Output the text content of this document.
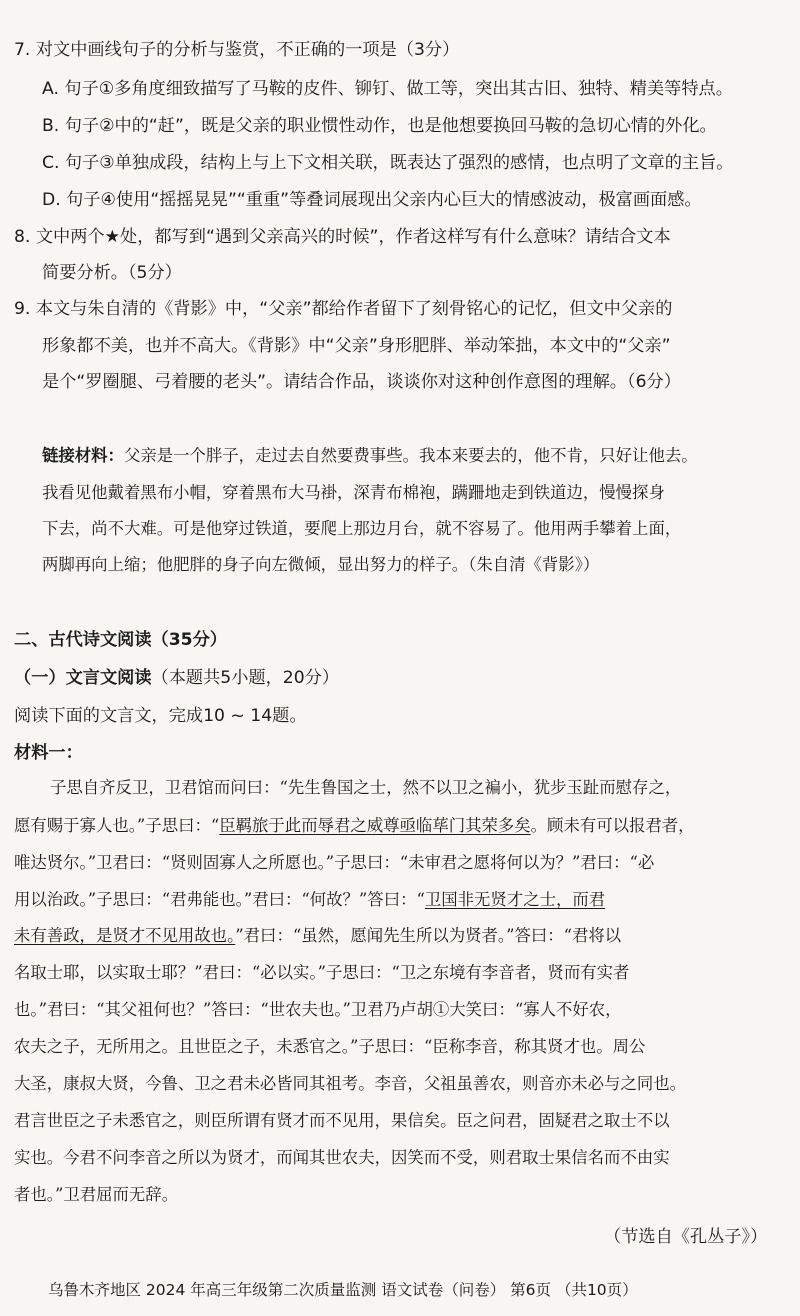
7. 对文中画线句子的分析与鉴赏，不正确的一项是（3分）
A. 句子①多角度细致描写了马鞍的皮件、铆钉、做工等，突出其古旧、独特、精美等特点。
B. 句子②中的“赶”，既是父亲的职业惯性动作，也是他想要换回马鞍的急切心情的外化。
C. 句子③单独成段，结构上与上下文相关联，既表达了强烈的感情，也点明了文章的主旨。
D. 句子④使用“摇摇晃晃”“重重”等叠词展现出父亲内心巨大的情感波动，极富画面感。
8. 文中两个★处，都写到“遇到父亲高兴的时候”，作者这样写有什么意味？请结合文本
简要分析。（5分）
9. 本文与朱自清的《背影》中，“父亲”都给作者留下了刻骨铭心的记忆，但文中父亲的
形象都不美，也并不高大。《背影》中“父亲”身形肥胖、举动笨拙，本文中的“父亲”
是个“罗圈腿、弓着腰的老头”。请结合作品，谈谈你对这种创作意图的理解。（6分）
链接材料：父亲是一个胖子，走过去自然要费事些。我本来要去的，他不肯，只好让他去。
我看见他戴着黑布小帽，穿着黑布大马褂，深青布棉袍，蹒跚地走到铁道边，慢慢探身
下去，尚不大难。可是他穿过铁道，要爬上那边月台，就不容易了。他用两手攀着上面，
两脚再向上缩；他肥胖的身子向左微倾，显出努力的样子。（朱自清《背影》）
二、古代诗文阅读（35分）
（一）文言文阅读（本题共5小题，20分）
阅读下面的文言文，完成10 ~ 14题。
材料一：
子思自齐反卫，卫君馆而问曰：“先生鲁国之士，然不以卫之褊小，犹步玉趾而慰存之，
愿有赐于寡人也。”子思曰：“臣羁旅于此而辱君之威尊亟临荜门其荣多矣。顾未有可以报君者，
唯达贤尔。”卫君曰：“贤则固寡人之所愿也。”子思曰：“未审君之愿将何以为？”君曰：“必
用以治政。”子思曰：“君弗能也。”君曰：“何故？”答曰：“卫国非无贤才之士，而君
未有善政，是贤才不见用故也。”君曰：“虽然，愿闻先生所以为贤者。”答曰：“君将以
名取士耶，以实取士耶？”君曰：“必以实。”子思曰：“卫之东境有李音者，贤而有实者
也。”君曰：“其父祖何也？”答曰：“世农夫也。”卫君乃卢胡①大笑曰：“寡人不好农，
农夫之子，无所用之。且世臣之子，未悉官之。”子思曰：“臣称李音，称其贤才也。周公
大圣，康叔大贤，今鲁、卫之君未必皆同其祖考。李音，父祖虽善农，则音亦未必与之同也。
君言世臣之子未悉官之，则臣所谓有贤才而不见用，果信矣。臣之问君，固疑君之取士不以
实也。今君不问李音之所以为贤才，而闻其世农夫，因笑而不受，则君取士果信名而不由实
者也。”卫君屈而无辞。
（节选自《孔丛子》）
乌鲁木齐地区 2024 年高三年级第二次质量监测 语文试卷（问卷） 第6页 （共10页）
